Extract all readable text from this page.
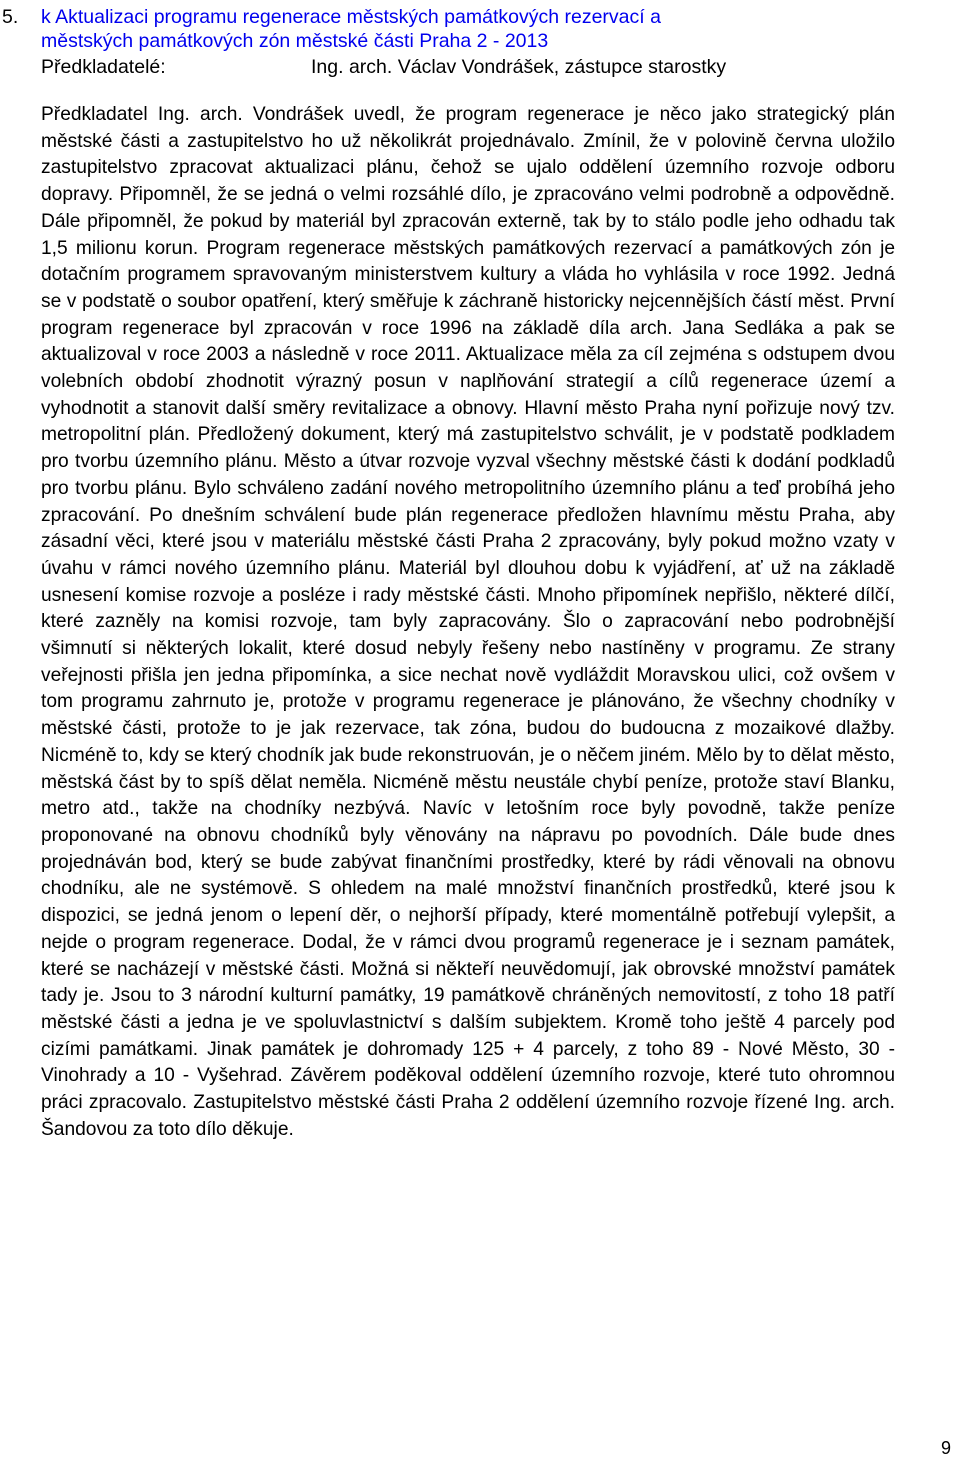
5. k Aktualizaci programu regenerace městských památkových rezervací a
městských památkových zón městské části Praha 2 - 2013
Předkladatelé:	Ing. arch. Václav Vondrášek, zástupce starostky
Předkladatel Ing. arch. Vondrášek uvedl, že program regenerace je něco jako strategický plán městské části a zastupitelstvo ho už několikrát projednávalo. Zmínil, že v polovině června uložilo zastupitelstvo zpracovat aktualizaci plánu, čehož se ujalo oddělení územního rozvoje odboru dopravy. Připomněl, že se jedná o velmi rozsáhlé dílo, je zpracováno velmi podrobně a odpovědně. Dále připomněl, že pokud by materiál byl zpracován externě, tak by to stálo podle jeho odhadu tak 1,5 milionu korun. Program regenerace městských památkových rezervací a památkových zón je dotačním programem spravovaným ministerstvem kultury a vláda ho vyhlásila v roce 1992. Jedná se v podstatě o soubor opatření, který směřuje k záchraně historicky nejcennějších částí měst. První program regenerace byl zpracován v roce 1996 na základě díla arch. Jana Sedláka a pak se aktualizoval v roce 2003 a následně v roce 2011. Aktualizace měla za cíl zejména s odstupem dvou volebních období zhodnotit výrazný posun v naplňování strategií a cílů regenerace území a vyhodnotit a stanovit další směry revitalizace a obnovy. Hlavní město Praha nyní pořizuje nový tzv. metropolitní plán. Předložený dokument, který má zastupitelstvo schválit, je v podstatě podkladem pro tvorbu územního plánu. Město a útvar rozvoje vyzval všechny městské části k dodání podkladů pro tvorbu plánu. Bylo schváleno zadání nového metropolitního územního plánu a teď probíhá jeho zpracování. Po dnešním schválení bude plán regenerace předložen hlavnímu městu Praha, aby zásadní věci, které jsou v materiálu městské části Praha 2 zpracovány, byly pokud možno vzaty v úvahu v rámci nového územního plánu. Materiál byl dlouhou dobu k vyjádření, ať už na základě usnesení komise rozvoje a posléze i rady městské části. Mnoho připomínek nepřišlo, některé dílčí, které zazněly na komisi rozvoje, tam byly zapracovány. Šlo o zapracování nebo podrobnější všimnutí si některých lokalit, které dosud nebyly řešeny nebo nastíněny v programu. Ze strany veřejnosti přišla jen jedna připomínka, a sice nechat nově vydláždit Moravskou ulici, což ovšem v tom programu zahrnuto je, protože v programu regenerace je plánováno, že všechny chodníky v městské části, protože to je jak rezervace, tak zóna, budou do budoucna z mozaikové dlažby. Nicméně to, kdy se který chodník jak bude rekonstruován, je o něčem jiném. Mělo by to dělat město, městská část by to spíš dělat neměla. Nicméně městu neustále chybí peníze, protože staví Blanku, metro atd., takže na chodníky nezbývá. Navíc v letošním roce byly povodně, takže peníze proponované na obnovu chodníků byly věnovány na nápravu po povodních. Dále bude dnes projednáván bod, který se bude zabývat finančními prostředky, které by rádi věnovali na obnovu chodníku, ale ne systémově. S ohledem na malé množství finančních prostředků, které jsou k dispozici, se jedná jenom o lepení děr, o nejhorší případy, které momentálně potřebují vylepšit, a nejde o program regenerace. Dodal, že v rámci dvou programů regenerace je i seznam památek, které se nacházejí v městské části. Možná si někteří neuvědomují, jak obrovské množství památek tady je. Jsou to 3 národní kulturní památky, 19 památkově chráněných nemovitostí, z toho 18 patří městské části a jedna je ve spoluvlastnictví s dalším subjektem. Kromě toho ještě 4 parcely pod cizími památkami. Jinak památek je dohromady 125 + 4 parcely, z toho 89 - Nové Město, 30 - Vinohrady a 10 - Vyšehrad. Závěrem poděkoval oddělení územního rozvoje, které tuto ohromnou práci zpracovalo. Zastupitelstvo městské části Praha 2 oddělení územního rozvoje řízené Ing. arch. Šandovou za toto dílo děkuje.
9
